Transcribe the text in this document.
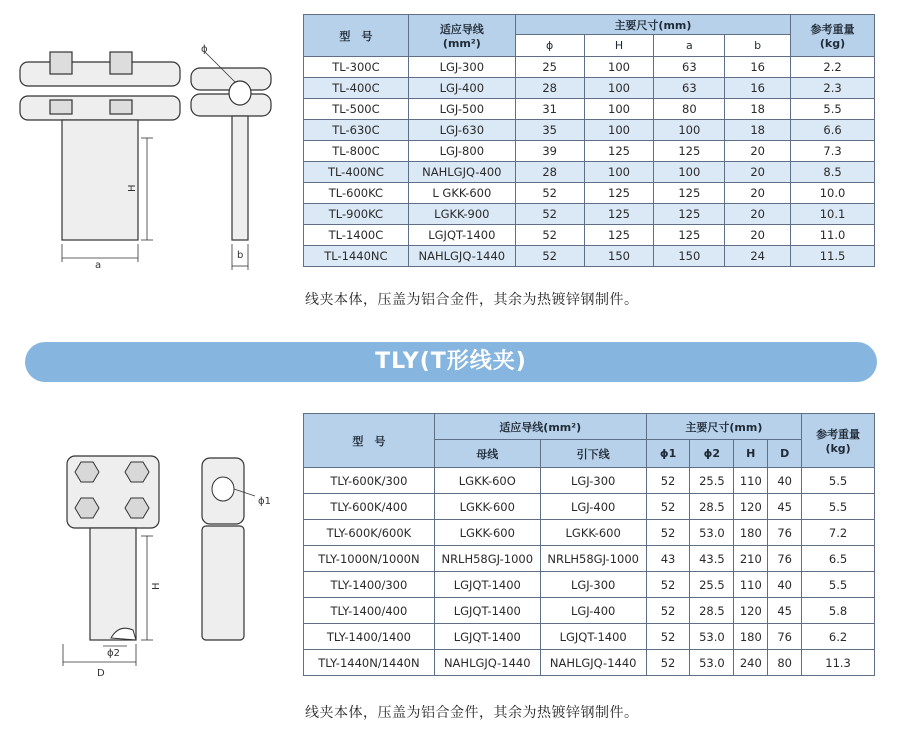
a
H
b
ϕ
型　号	适应导线
(mm²)	主要尺寸(mm)				参考重量
(kg)
		ϕ	H	a	b	
TL-300C	LGJ-300	25	100	63	16	2.2
TL-400C	LGJ-400	28	100	63	16	2.3
TL-500C	LGJ-500	31	100	80	18	5.5
TL-630C	LGJ-630	35	100	100	18	6.6
TL-800C	LGJ-800	39	125	125	20	7.3
TL-400NC	NAHLGJQ-400	28	100	100	20	8.5
TL-600KC	L GKK-600	52	125	125	20	10.0
TL-900KC	LGKK-900	52	125	125	20	10.1
TL-1400C	LGJQT-1400	52	125	125	20	11.0
TL-1440NC	NAHLGJQ-1440	52	150	150	24	11.5
线夹本体，压盖为铝合金件，其余为热镀锌钢制件。
TLY(T形线夹)
D
ϕ2
H
ϕ1
型　号	适应导线(mm²)		主要尺寸(mm)				参考重量
(kg)
	母线	引下线	ϕ1	ϕ2	H	D	
TLY-600K/300	LGKK-60O	LGJ-300	52	25.5	110	40	5.5
TLY-600K/400	LGKK-600	LGJ-400	52	28.5	120	45	5.5
TLY-600K/600K	LGKK-600	LGKK-600	52	53.0	180	76	7.2
TLY-1000N/1000N	NRLH58GJ-1000	NRLH58GJ-1000	43	43.5	210	76	6.5
TLY-1400/300	LGJQT-1400	LGJ-300	52	25.5	110	40	5.5
TLY-1400/400	LGJQT-1400	LGJ-400	52	28.5	120	45	5.8
TLY-1400/1400	LGJQT-1400	LGJQT-1400	52	53.0	180	76	6.2
TLY-1440N/1440N	NAHLGJQ-1440	NAHLGJQ-1440	52	53.0	240	80	11.3
线夹本体，压盖为铝合金件，其余为热镀锌钢制件。
